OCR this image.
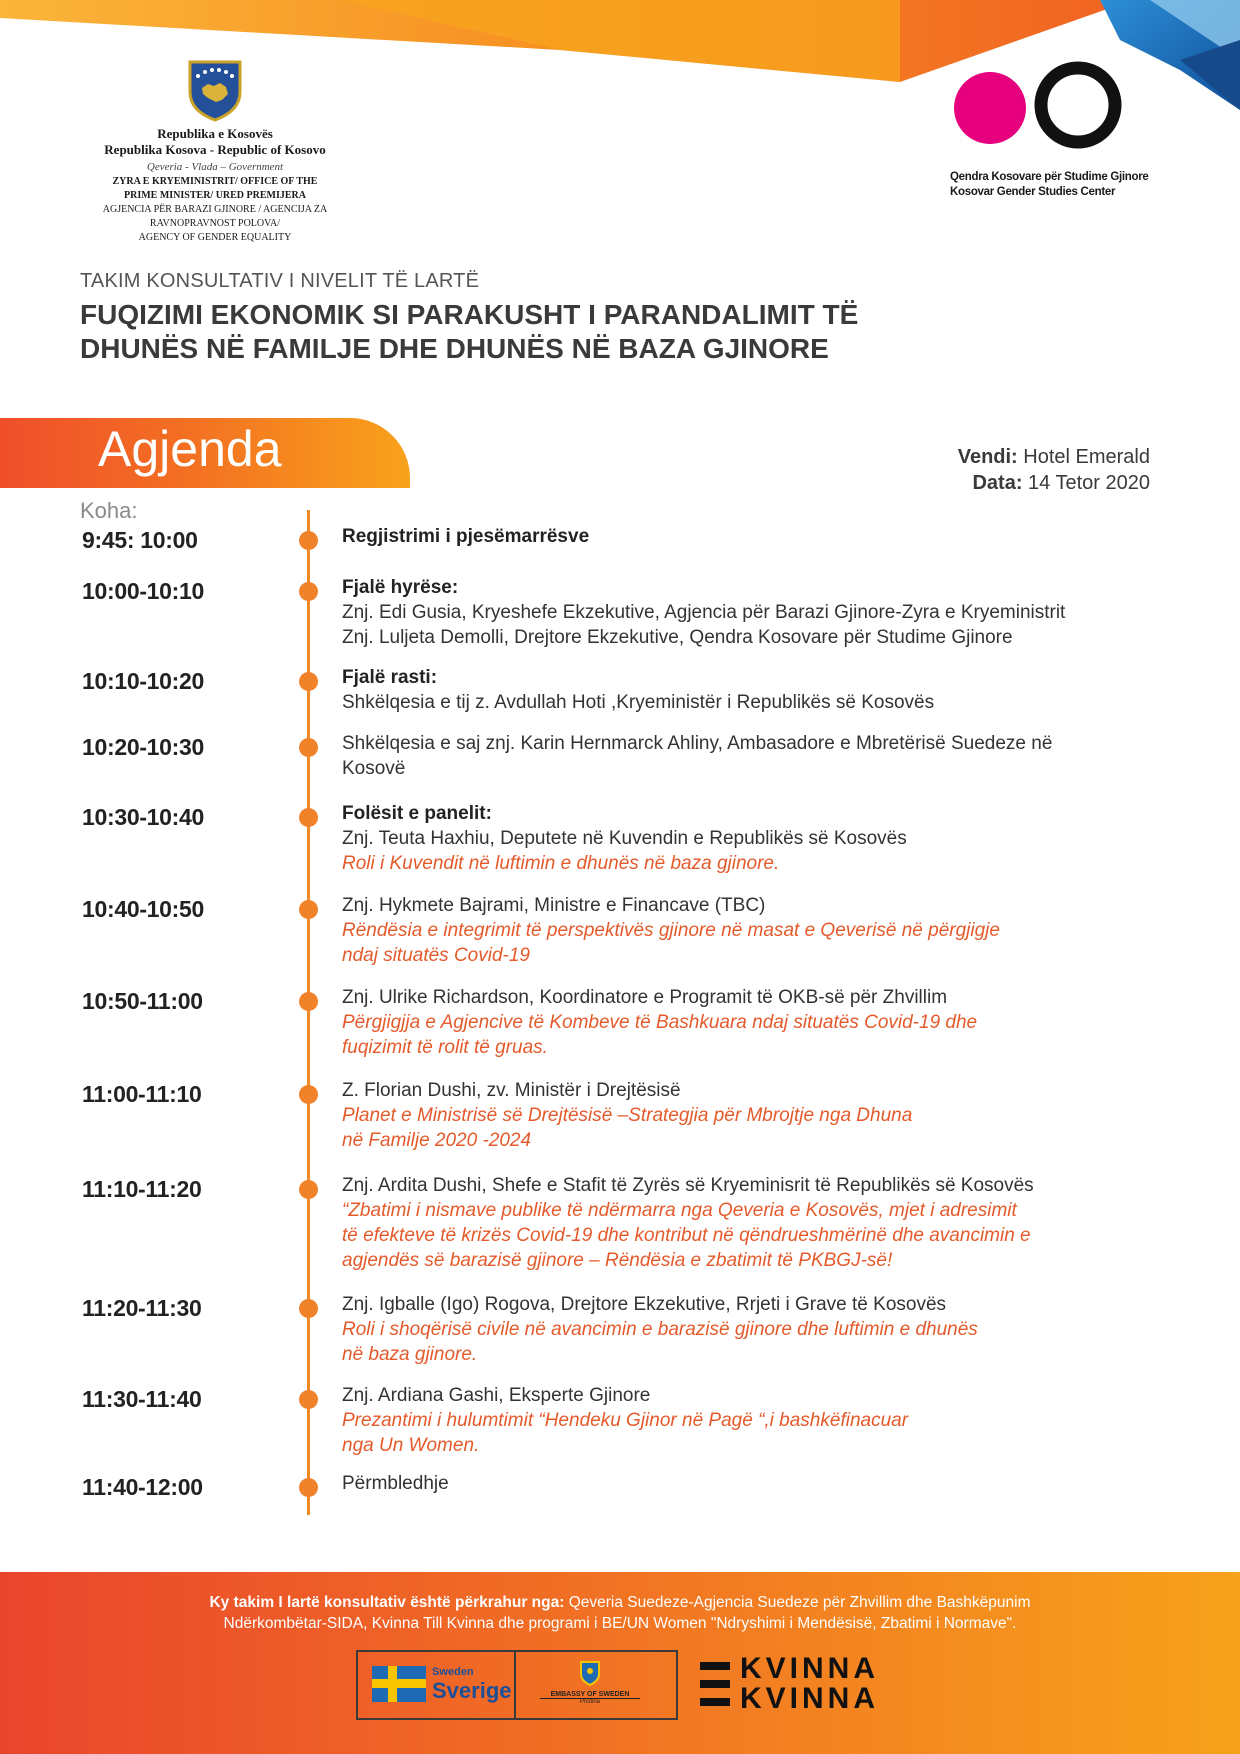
Republika e Kosovës
Republika Kosova - Republic of Kosovo
Qeveria - Vlada – Government
ZYRA E KRYEMINISTRIT/ OFFICE OF THE
PRIME MINISTER/ URED PREMIJERA
AGJENCIA PËR BARAZI GJINORE / AGENCIJA ZA
RAVNOPRAVNOST POLOVA/
AGENCY OF GENDER EQUALITY
Qendra Kosovare për Studime Gjinore
Kosovar Gender Studies Center
TAKIM KONSULTATIV I NIVELIT TË LARTË
FUQIZIMI EKONOMIK SI PARAKUSHT I PARANDALIMIT TË
DHUNËS NË FAMILJE DHE DHUNËS NË BAZA GJINORE
Agjenda	Vendi: Hotel Emerald
Data: 14 Tetor 2020
Koha:
9:45: 10:00	Regjistrimi i pjesëmarrësve
10:00-10:10	Fjalë hyrëse:
Znj. Edi Gusia, Kryeshefe Ekzekutive, Agjencia për Barazi Gjinore-Zyra e Kryeministrit
Znj. Luljeta Demolli, Drejtore Ekzekutive, Qendra Kosovare për Studime Gjinore
10:10-10:20	Fjalë rasti:
Shkëlqesia e tij z. Avdullah Hoti ,Kryeministër i Republikës së Kosovës
10:20-10:30	Shkëlqesia e saj znj. Karin Hernmarck Ahliny, Ambasadore e Mbretërisë Suedeze në
Kosovë
10:30-10:40	Folësit e panelit:
Znj. Teuta Haxhiu, Deputete në Kuvendin e Republikës së Kosovës
Roli i Kuvendit në luftimin e dhunës në baza gjinore.
10:40-10:50	Znj. Hykmete Bajrami, Ministre e Financave (TBC)
Rëndësia e integrimit të perspektivës gjinore në masat e Qeverisë në përgjigje
ndaj situatës Covid-19
10:50-11:00	Znj. Ulrike Richardson, Koordinatore e Programit të OKB-së për Zhvillim
Përgjigjja e Agjencive të Kombeve të Bashkuara ndaj situatës Covid-19 dhe
fuqizimit të rolit të gruas.
11:00-11:10	Z. Florian Dushi, zv. Ministër i Drejtësisë
Planet e Ministrisë së Drejtësisë –Strategjia për Mbrojtje nga Dhuna
në Familje 2020 -2024
11:10-11:20	Znj. Ardita Dushi, Shefe e Stafit të Zyrës së Kryeminisrit të Republikës së Kosovës
“Zbatimi i nismave publike të ndërmarra nga Qeveria e Kosovës, mjet i adresimit
të efekteve të krizës Covid-19 dhe kontribut në qëndrueshmërinë dhe avancimin e
agjendës së barazisë gjinore – Rëndësia e zbatimit të PKBGJ-së!
11:20-11:30	Znj. Igballe (Igo) Rogova, Drejtore Ekzekutive, Rrjeti i Grave të Kosovës
Roli i shoqërisë civile në avancimin e barazisë gjinore dhe luftimin e dhunës
në baza gjinore.
11:30-11:40	Znj. Ardiana Gashi, Eksperte Gjinore
Prezantimi i hulumtimit “Hendeku Gjinor në Pagë “,i bashkëfinacuar
nga Un Women.
11:40-12:00	Përmbledhje
Ky takim I lartë konsultativ është përkrahur nga: Qeveria Suedeze-Agjencia Suedeze për Zhvillim dhe Bashkëpunim
Ndërkombëtar-SIDA, Kvinna Till Kvinna dhe programi i BE/UN Women "Ndryshimi i Mendësisë, Zbatimi i Normave".
Sweden
Sverige	EMBASSY OF SWEDEN
Pristina
KVINNA
KVINNA
